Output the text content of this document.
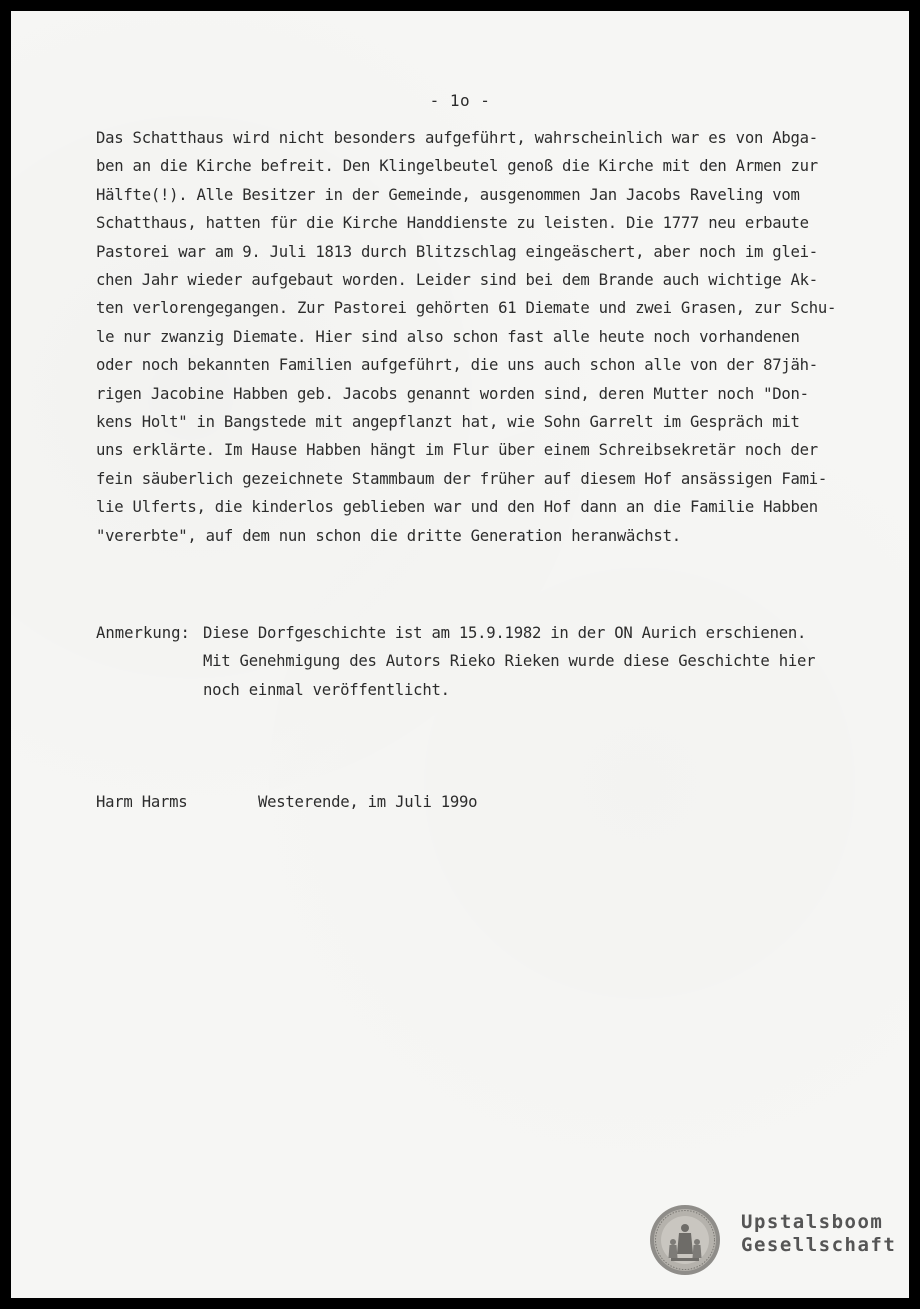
- 1o -
Das Schatthaus wird nicht besonders aufgeführt, wahrscheinlich war es von Abga-
ben an die Kirche befreit. Den Klingelbeutel genoß die Kirche mit den Armen zur
Hälfte(!). Alle Besitzer in der Gemeinde, ausgenommen Jan Jacobs Raveling vom
Schatthaus, hatten für die Kirche Handdienste zu leisten. Die 1777 neu erbaute
Pastorei war am 9. Juli 1813 durch Blitzschlag eingeäschert, aber noch im glei-
chen Jahr wieder aufgebaut worden. Leider sind bei dem Brande auch wichtige Ak-
ten verlorengegangen. Zur Pastorei gehörten 61 Diemate und zwei Grasen, zur Schu-
le nur zwanzig Diemate. Hier sind also schon fast alle heute noch vorhandenen
oder noch bekannten Familien aufgeführt, die uns auch schon alle von der 87jäh-
rigen Jacobine Habben geb. Jacobs genannt worden sind, deren Mutter noch "Don-
kens Holt" in Bangstede mit angepflanzt hat, wie Sohn Garrelt im Gespräch mit
uns erklärte. Im Hause Habben hängt im Flur über einem Schreibsekretär noch der
fein säuberlich gezeichnete Stammbaum der früher auf diesem Hof ansässigen Fami-
lie Ulferts, die kinderlos geblieben war und den Hof dann an die Familie Habben
"vererbte", auf dem nun schon die dritte Generation heranwächst.
Anmerkung: Diese Dorfgeschichte ist am 15.9.1982 in der ON Aurich erschienen.
Mit Genehmigung des Autors Rieko Rieken wurde diese Geschichte hier
noch einmal veröffentlicht.
Harm Harms	Westerende, im Juli 199o
Upstalsboom
Gesellschaft
